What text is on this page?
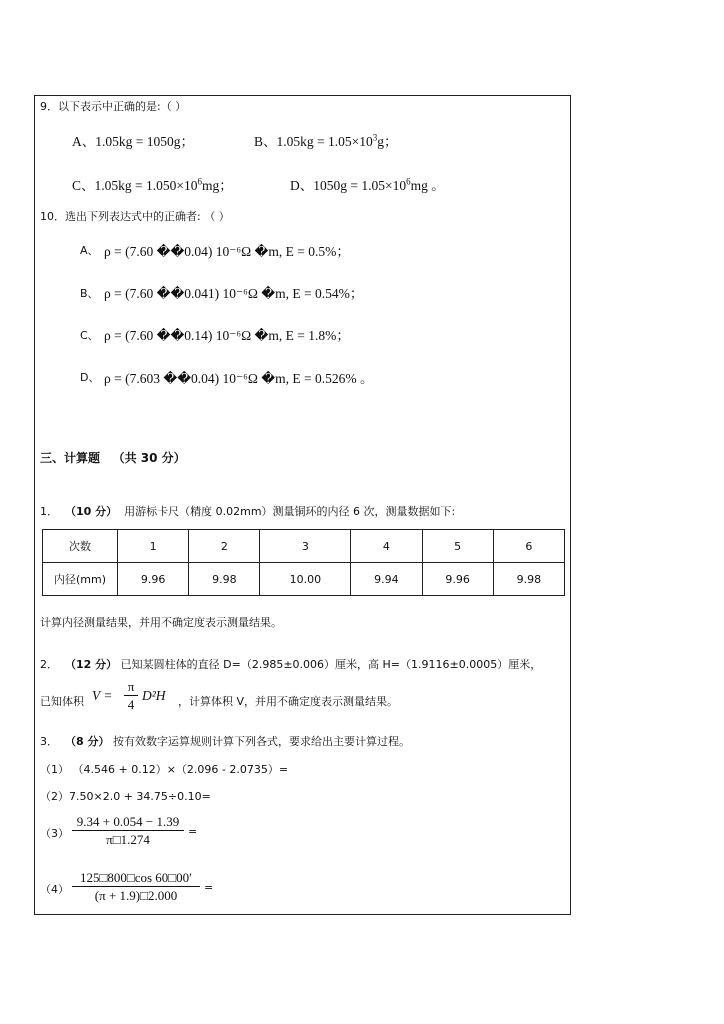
9．以下表示中正确的是:（ ）
A、1.05kg = 1050g；	B、$1.05kg = 1.05\times 10^3g$；
C、$1.05kg = 1.050\times 10^6mg$；	D、$1050g = 1.05\times 10^6mg$ 。
10．选出下列表达式中的正确者: （ ）
A、 ρ = (7.60 ��0.04) 10⁻⁶Ω �m, E = 0.5%；
B、 ρ = (7.60 ��0.041) 10⁻⁶Ω �m, E = 0.54%；
C、 ρ = (7.60 ��0.14) 10⁻⁶Ω �m, E = 1.8%；
D、 ρ = (7.603 ��0.04) 10⁻⁶Ω �m, E = 0.526% 。
三、计算题 （共 30 分）
1． （10 分） 用游标卡尺（精度 0.02mm）测量铜环的内径 6 次，测量数据如下:
次数	1	2	3	4	5	6
内径(mm)	9.96	9.98	10.00	9.94	9.96	9.98
计算内径测量结果，并用不确定度表示测量结果。
2． （12 分） 已知某圆柱体的直径 D=（2.985±0.006）厘米，高 H=（1.9116±0.0005）厘米，
已知体积 $V = \frac{\pi}{4} D^2H$ ，计算体积 V，并用不确定度表示测量结果。
3． （8 分） 按有效数字运算规则计算下列各式，要求给出主要计算过程。
（1） （4.546 + 0.12）×（2.096 - 2.0735）=
（2）7.50×2.0 + 34.75÷0.10=
$(3) \frac{9.34 + 0.054 - 1.39}{\pi□1.274}$ =
$(4) \frac{125□800□\cos 60□00'}{(\pi + 1.9)□2.000}$ =
